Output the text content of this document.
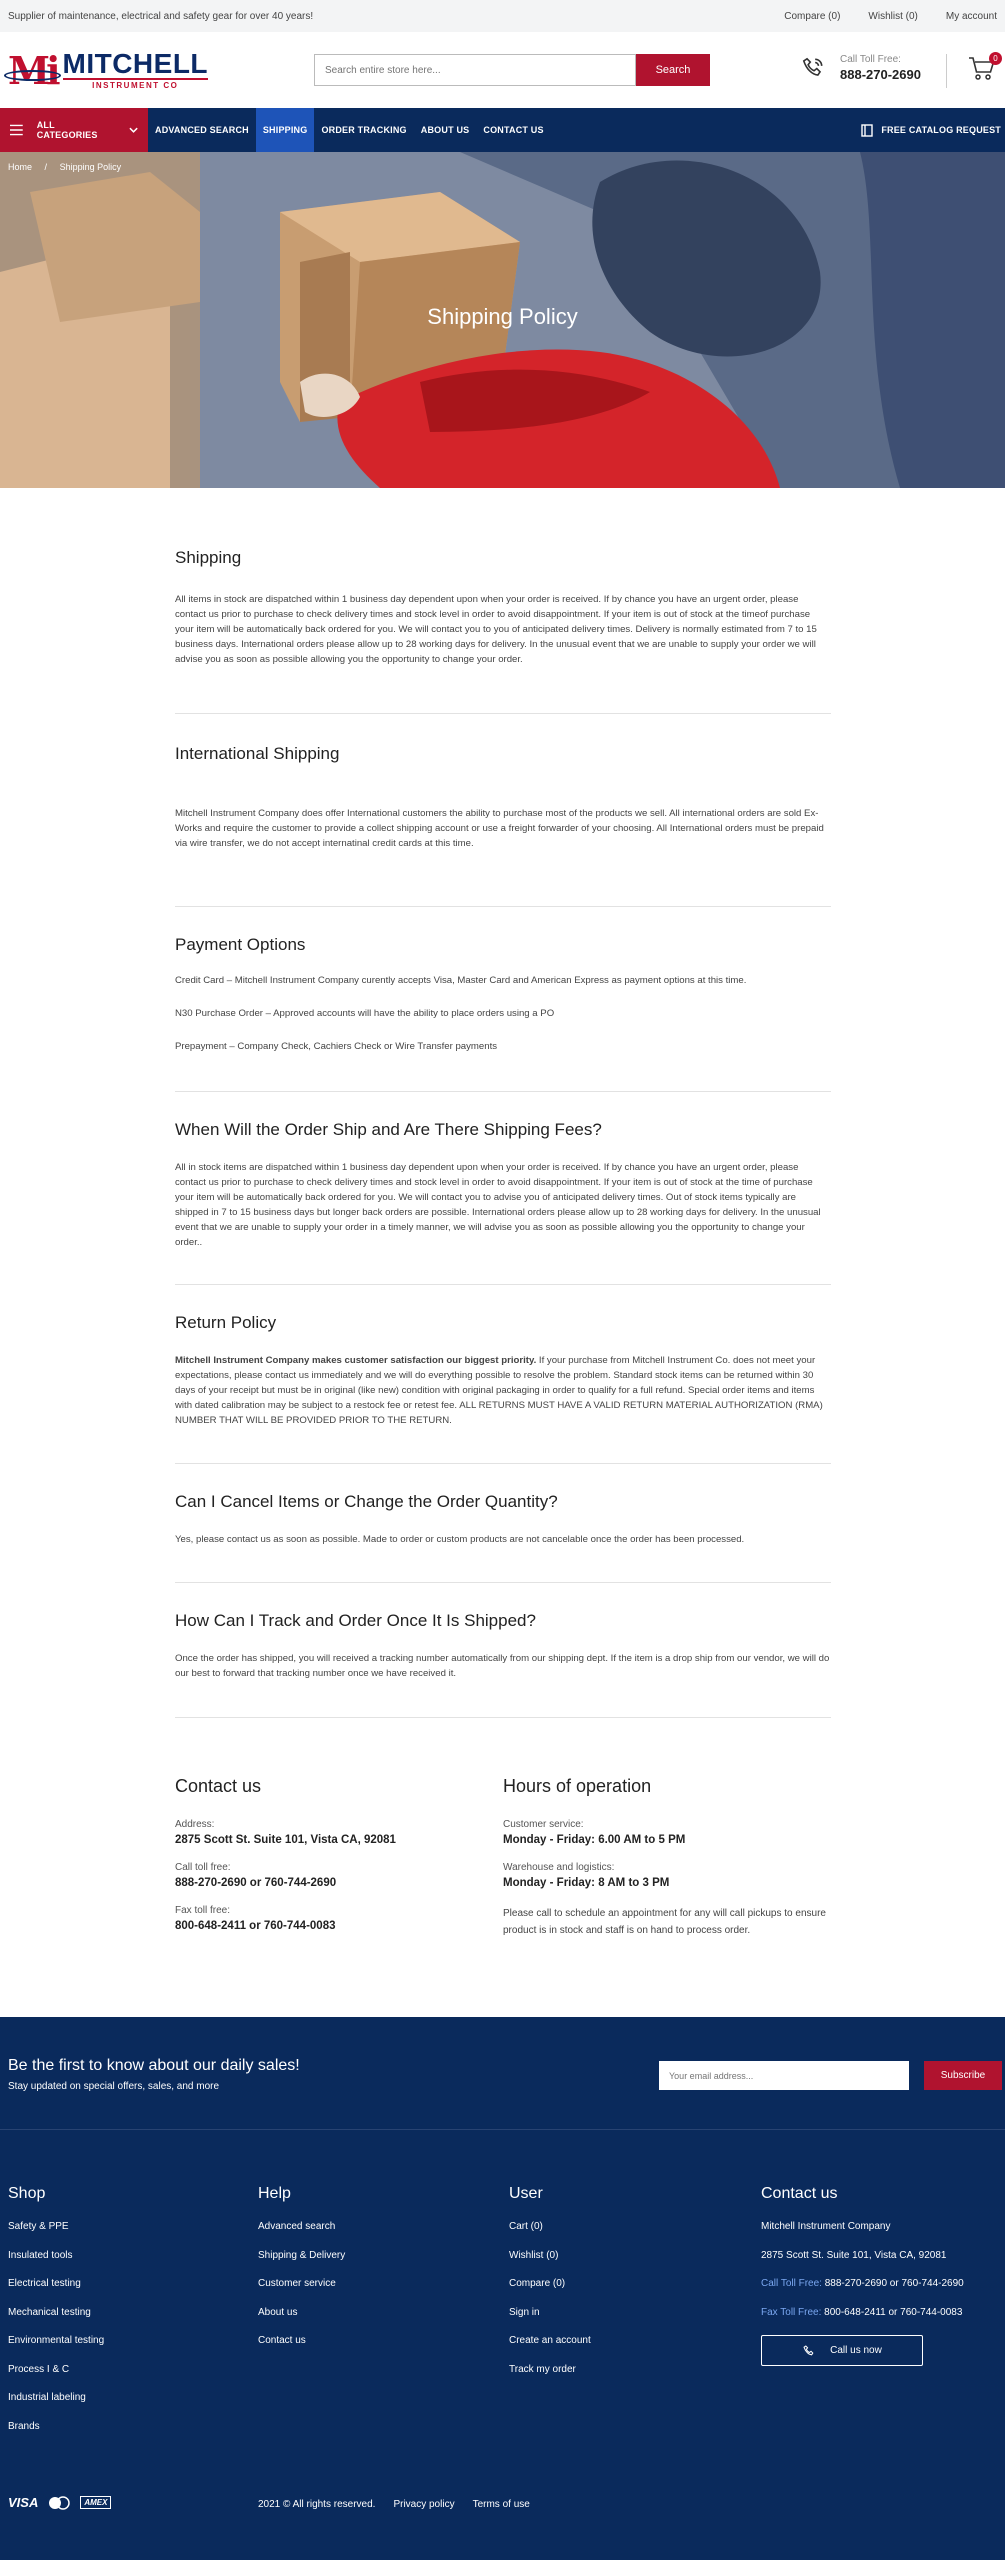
Supplier of maintenance, electrical and safety gear for over 40 years!	Compare (0)	Wishlist (0)	My account
Mi MITCHELL
INSTRUMENT CO
Search entire store here...
Search
Call Toll Free:
888-270-2690
0
ALL CATEGORIES	ADVANCED SEARCH	SHIPPING	ORDER TRACKING	ABOUT US	CONTACT US	FREE CATALOG REQUEST
Home / Shipping Policy
Shipping Policy
Shipping

All items in stock are dispatched within 1 business day dependent upon when your order is received. If by chance you have an urgent order, please contact us prior to purchase to check delivery times and stock level in order to avoid disappointment. If your item is out of stock at the timeof purchase your item will be automatically back ordered for you. We will contact you to you of anticipated delivery times. Delivery is normally estimated from 7 to 15 business days. International orders please allow up to 28 working days for delivery. In the unusual event that we are unable to supply your order we will advise you as soon as possible allowing you the opportunity to change your order.

International Shipping

Mitchell Instrument Company does offer International customers the ability to purchase most of the products we sell. All international orders are sold Ex-Works and require the customer to provide a collect shipping account or use a freight forwarder of your choosing. All International orders must be prepaid via wire transfer, we do not accept internatinal credit cards at this time.

Payment Options

Credit Card – Mitchell Instrument Company curently accepts Visa, Master Card and American Express as payment options at this time.

N30 Purchase Order – Approved accounts will have the ability to place orders using a PO

Prepayment – Company Check, Cachiers Check or Wire Transfer payments

When Will the Order Ship and Are There Shipping Fees?

All in stock items are dispatched within 1 business day dependent upon when your order is received. If by chance you have an urgent order, please contact us prior to purchase to check delivery times and stock level in order to avoid disappointment. If your item is out of stock at the time of purchase your item will be automatically back ordered for you. We will contact you to advise you of anticipated delivery times. Out of stock items typically are shipped in 7 to 15 business days but longer back orders are possible. International orders please allow up to 28 working days for delivery. In the unusual event that we are unable to supply your order in a timely manner, we will advise you as soon as possible allowing you the opportunity to change your order..

Return Policy

Mitchell Instrument Company makes customer satisfaction our biggest priority. If your purchase from Mitchell Instrument Co. does not meet your expectations, please contact us immediately and we will do everything possible to resolve the problem. Standard stock items can be returned within 30 days of your receipt but must be in original (like new) condition with original packaging in order to qualify for a full refund. Special order items and items with dated calibration may be subject to a restock fee or retest fee. ALL RETURNS MUST HAVE A VALID RETURN MATERIAL AUTHORIZATION (RMA) NUMBER THAT WILL BE PROVIDED PRIOR TO THE RETURN.

Can I Cancel Items or Change the Order Quantity?

Yes, please contact us as soon as possible. Made to order or custom products are not cancelable once the order has been processed.

How Can I Track and Order Once It Is Shipped?

Once the order has shipped, you will received a tracking number automatically from our shipping dept. If the item is a drop ship from our vendor, we will do our best to forward that tracking number once we have received it.

Contact us
Address:
2875 Scott St. Suite 101, Vista CA, 92081
Call toll free:
888-270-2690 or 760-744-2690
Fax toll free:
800-648-2411 or 760-744-0083
Hours of operation
Customer service:
Monday - Friday: 6.00 AM to 5 PM
Warehouse and logistics:
Monday - Friday: 8 AM to 3 PM
Please call to schedule an appointment for any will call pickups to ensure product is in stock and staff is on hand to process order.
Be the first to know about our daily sales!
Stay updated on special offers, sales, and more
Your email address...
Subscribe
Shop
Safety & PPE
Insulated tools
Electrical testing
Mechanical testing
Environmental testing
Process I & C
Industrial labeling
Brands
Help
Advanced search
Shipping & Delivery
Customer service
About us
Contact us
User
Cart (0)
Wishlist (0)
Compare (0)
Sign in
Create an account
Track my order
Contact us
Mitchell Instrument Company
2875 Scott St. Suite 101, Vista CA, 92081
Call Toll Free: 888-270-2690 or 760-744-2690
Fax Toll Free: 800-648-2411 or 760-744-0083
Call us now
VISA	AMEX	2021 © All rights reserved. Privacy policy Terms of use
